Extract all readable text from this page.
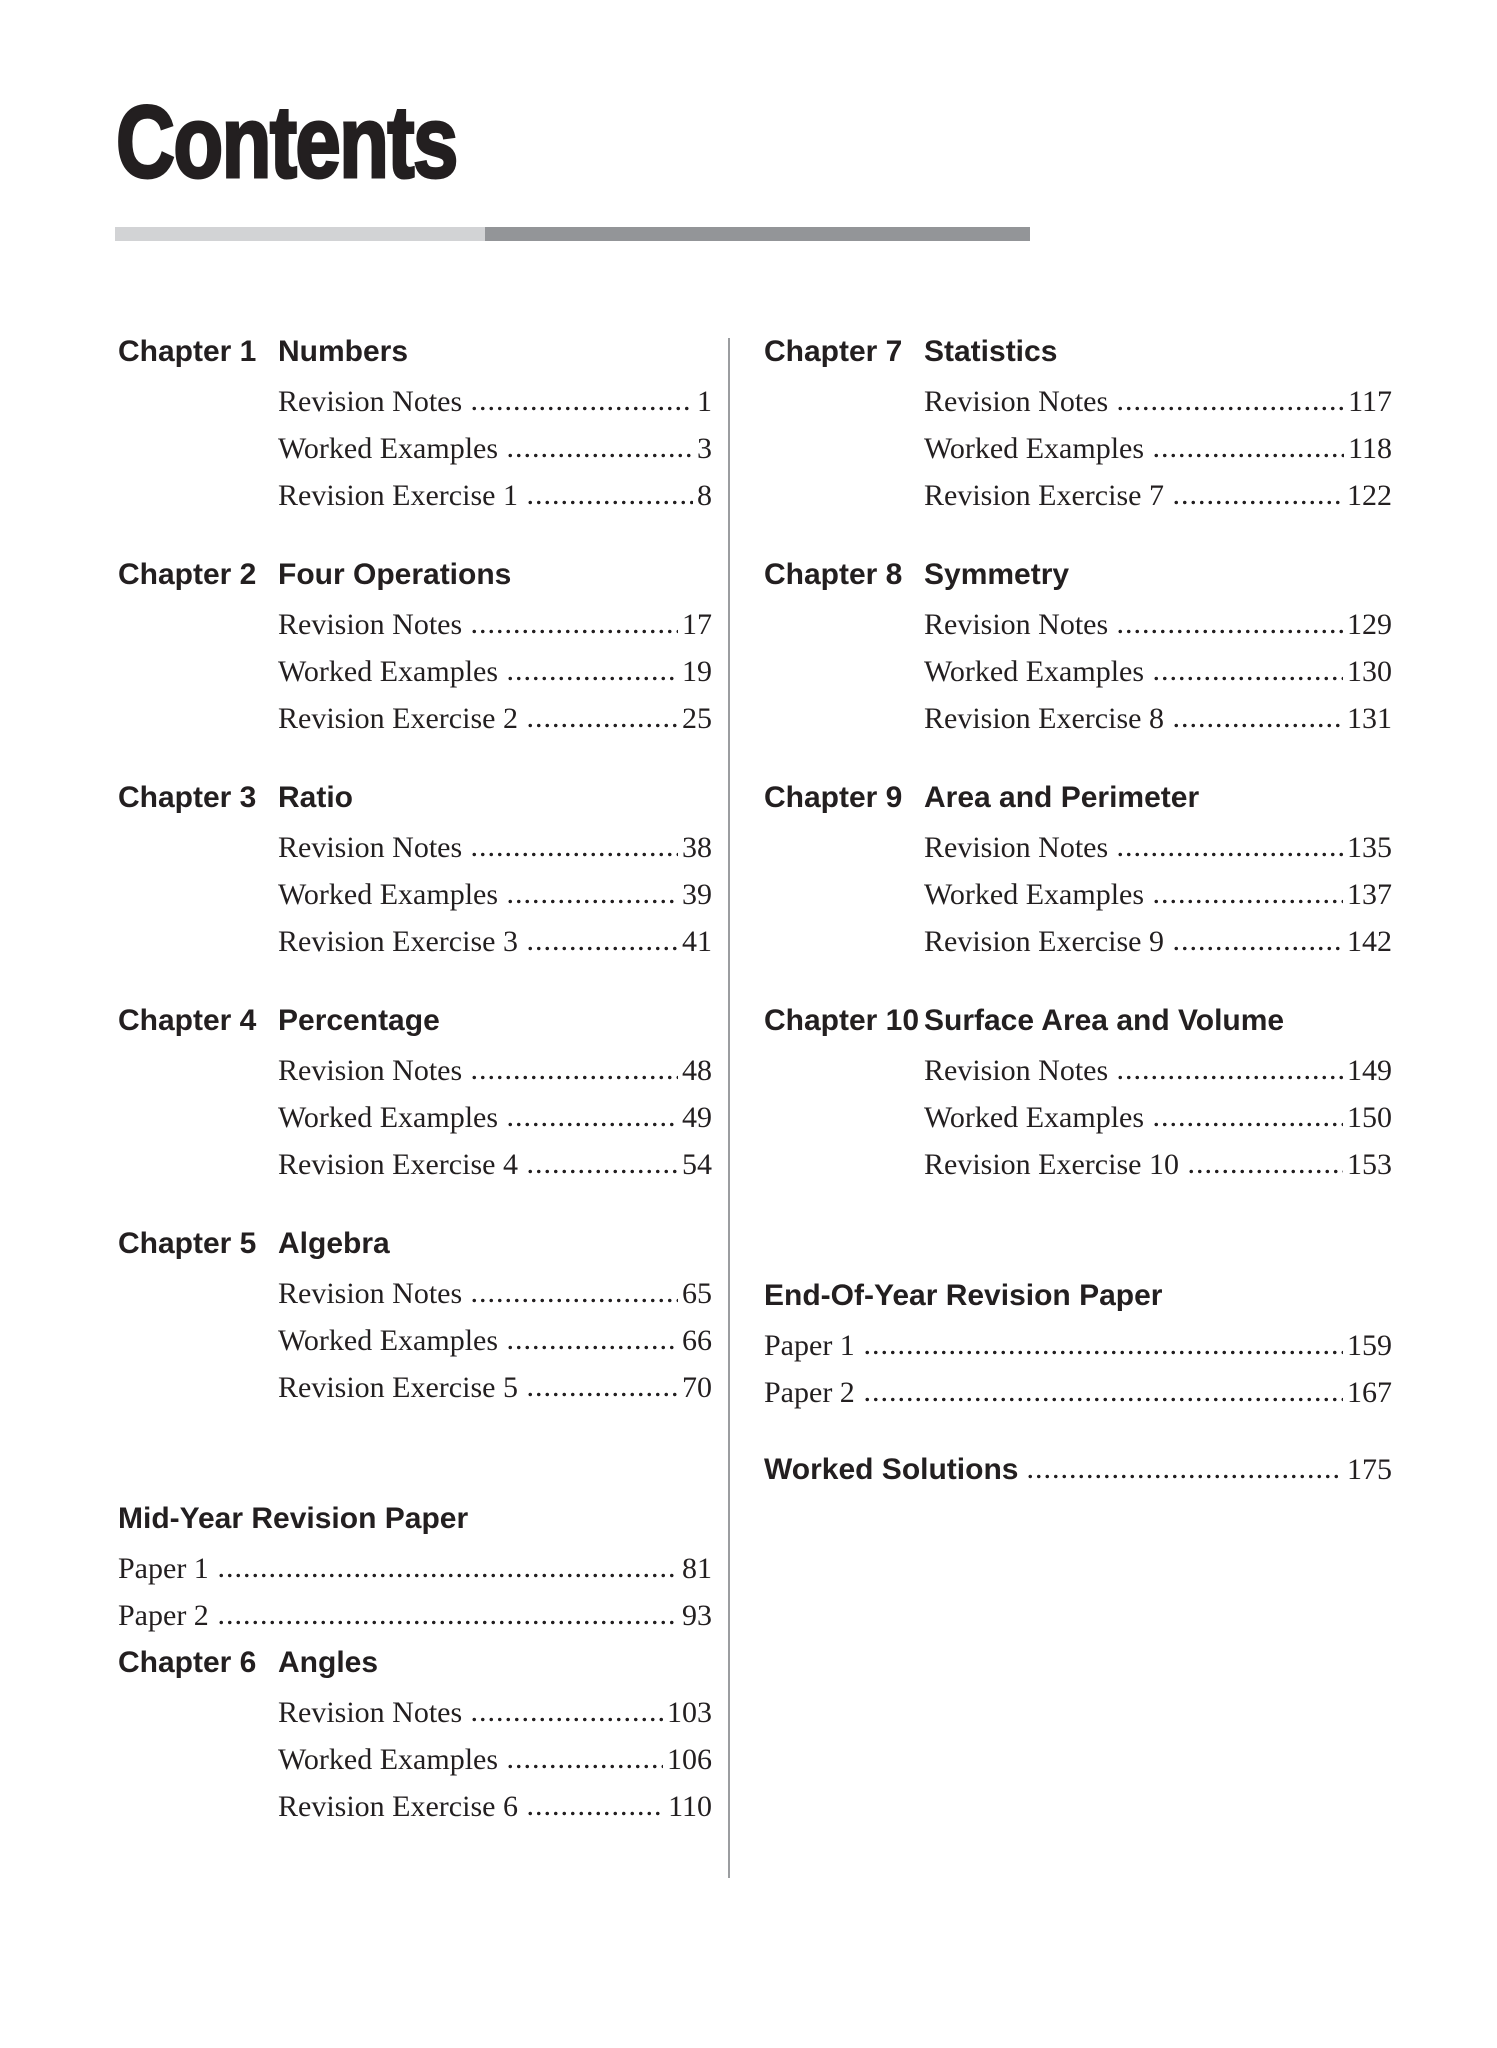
Contents
Chapter 1 Numbers
Revision Notes	1
Worked Examples	3
Revision Exercise 1	8
Chapter 2 Four Operations
Revision Notes	17
Worked Examples	19
Revision Exercise 2	25
Chapter 3 Ratio
Revision Notes	38
Worked Examples	39
Revision Exercise 3	41
Chapter 4 Percentage
Revision Notes	48
Worked Examples	49
Revision Exercise 4	54
Chapter 5 Algebra
Revision Notes	65
Worked Examples	66
Revision Exercise 5	70
Mid-Year Revision Paper
Paper 1	81
Paper 2	93
Chapter 6 Angles
Revision Notes	103
Worked Examples	106
Revision Exercise 6	110
Chapter 7 Statistics
Revision Notes	117
Worked Examples	118
Revision Exercise 7	122
Chapter 8 Symmetry
Revision Notes	129
Worked Examples	130
Revision Exercise 8	131
Chapter 9 Area and Perimeter
Revision Notes	135
Worked Examples	137
Revision Exercise 9	142
Chapter 10 Surface Area and Volume
Revision Notes	149
Worked Examples	150
Revision Exercise 10	153
End-Of-Year Revision Paper
Paper 1	159
Paper 2	167
Worked Solutions	175
